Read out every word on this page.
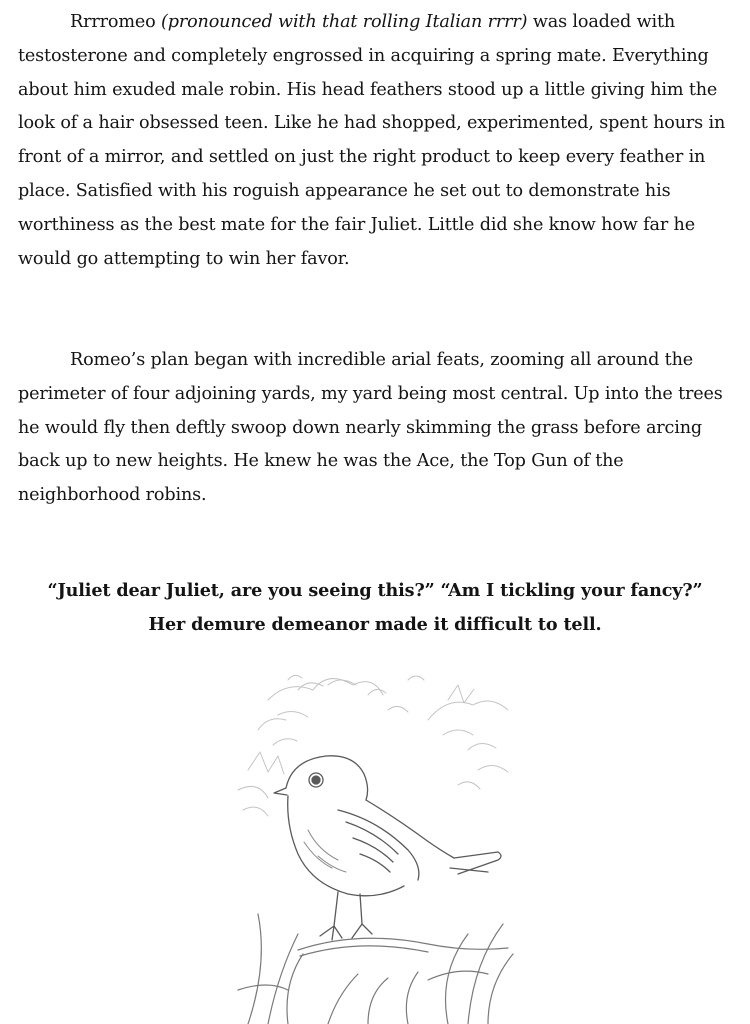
Rrrromeo (pronounced with that rolling Italian rrrr) was loaded with testosterone and completely engrossed in acquiring a spring mate. Everything about him exuded male robin. His head feathers stood up a little giving him the look of a hair obsessed teen. Like he had shopped, experimented, spent hours in front of a mirror, and settled on just the right product to keep every feather in place. Satisfied with his roguish appearance he set out to demonstrate his worthiness as the best mate for the fair Juliet. Little did she know how far he would go attempting to win her favor.

Romeo’s plan began with incredible arial feats, zooming all around the perimeter of four adjoining yards, my yard being most central. Up into the trees he would fly then deftly swoop down nearly skimming the grass before arcing back up to new heights. He knew he was the Ace, the Top Gun of the neighborhood robins.

“Juliet dear Juliet, are you seeing this?” “Am I tickling your fancy?”

Her demure demeanor made it difficult to tell.
